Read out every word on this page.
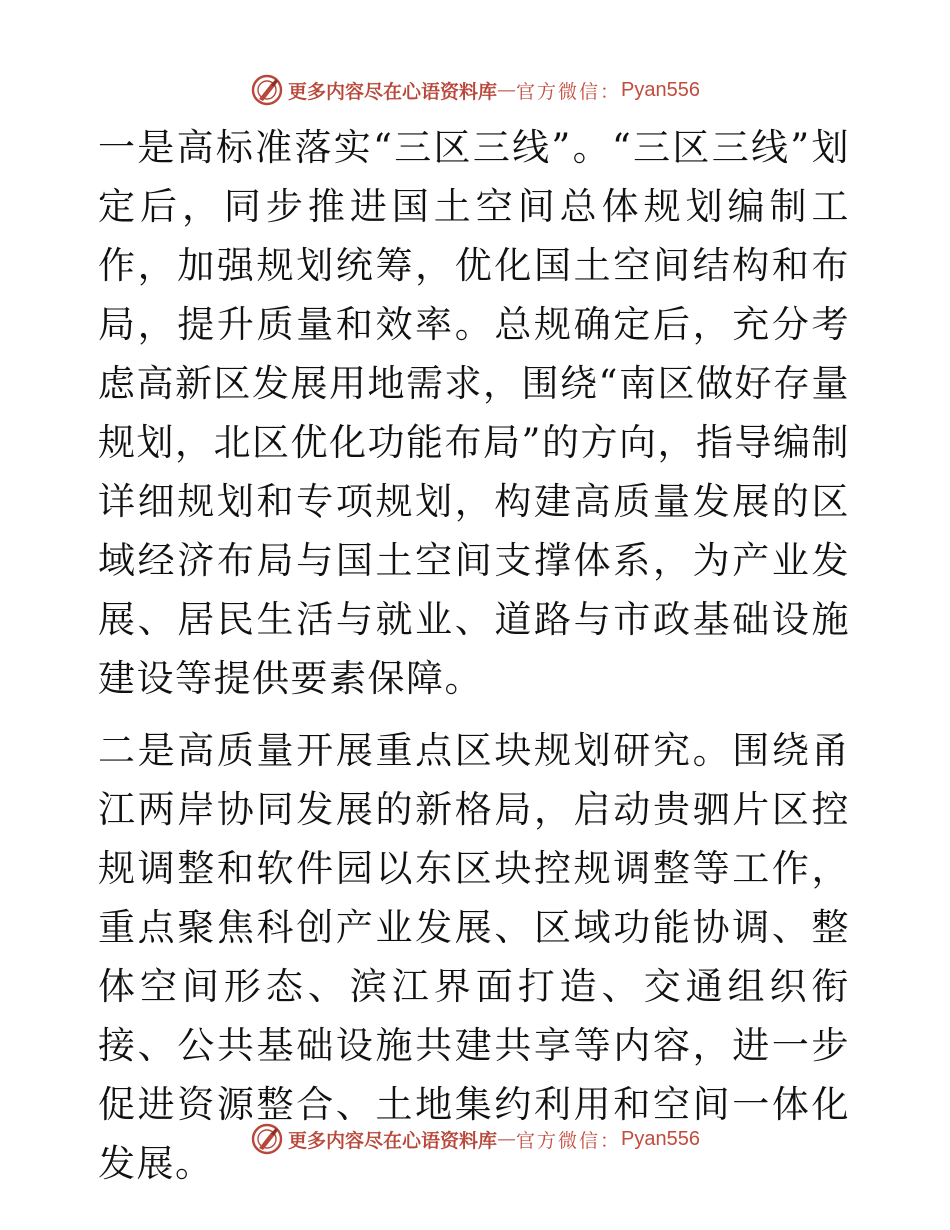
更多内容尽在心语资料库 — 官方微信： Pyan556

一是高标准落实“三区三线”。“三区三线”划定后，同步推进国土空间总体规划编制工作，加强规划统筹，优化国土空间结构和布局，提升质量和效率。总规确定后，充分考虑高新区发展用地需求，围绕“南区做好存量规划，北区优化功能布局”的方向，指导编制详细规划和专项规划，构建高质量发展的区域经济布局与国土空间支撑体系，为产业发展、居民生活与就业、道路与市政基础设施建设等提供要素保障。

二是高质量开展重点区块规划研究。围绕甬江两岸协同发展的新格局，启动贵驷片区控规调整和软件园以东区块控规调整等工作，重点聚焦科创产业发展、区域功能协调、整体空间形态、滨江界面打造、交通组织衔接、公共基础设施共建共享等内容，进一步促进资源整合、土地集约利用和空间一体化发展。

更多内容尽在心语资料库 — 官方微信： Pyan556
